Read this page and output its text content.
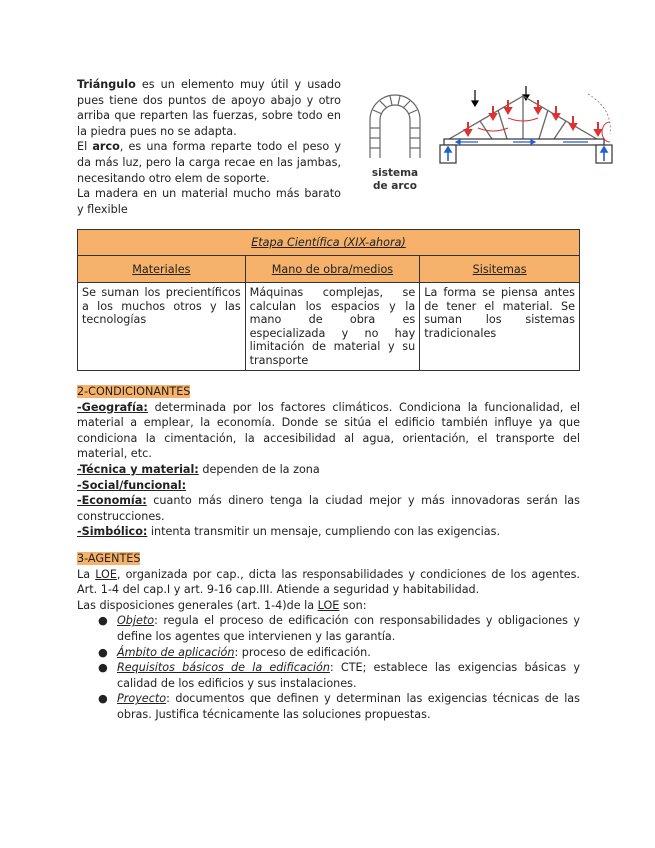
Triángulo es un elemento muy útil y usado pues tiene dos puntos de apoyo abajo y otro arriba que reparten las fuerzas, sobre todo en la piedra pues no se adapta.
El arco, es una forma reparte todo el peso y da más luz, pero la carga recae en las jambas, necesitando otro elem de soporte.
La madera en un material mucho más barato y flexible
sistema
de arco
Etapa Científica (XIX-ahora)		
Materiales	Mano de obra/medios	Sisitemas
Se suman los precientíficos a los muchos otros y las tecnologías	Máquinas complejas, se calculan los espacios y la mano de obra es especializada y no hay limitación de material y su transporte	La forma se piensa antes de tener el material. Se suman los sistemas tradicionales
2-CONDICIONANTES
-Geografía: determinada por los factores climáticos. Condiciona la funcionalidad, el material a emplear, la economía. Donde se sitúa el edificio también influye ya que condiciona la cimentación, la accesibilidad al agua, orientación, el transporte del material, etc.
-Técnica y material: dependen de la zona
-Social/funcional:
-Economía: cuanto más dinero tenga la ciudad mejor y más innovadoras serán las construcciones.
-Simbólico: intenta transmitir un mensaje, cumpliendo con las exigencias.
3-AGENTES
La LOE, organizada por cap., dicta las responsabilidades y condiciones de los agentes. Art. 1-4 del cap.I y art. 9-16 cap.III. Atiende a seguridad y habitabilidad.
Las disposiciones generales (art. 1-4)de la LOE son:
● Objeto: regula el proceso de edificación con responsabilidades y obligaciones y define los agentes que intervienen y las garantía.
● Ámbito de aplicación: proceso de edificación.
● Requisitos básicos de la edificación: CTE; establece las exigencias básicas y calidad de los edificios y sus instalaciones.
● Proyecto: documentos que definen y determinan las exigencias técnicas de las obras. Justifica técnicamente las soluciones propuestas.
